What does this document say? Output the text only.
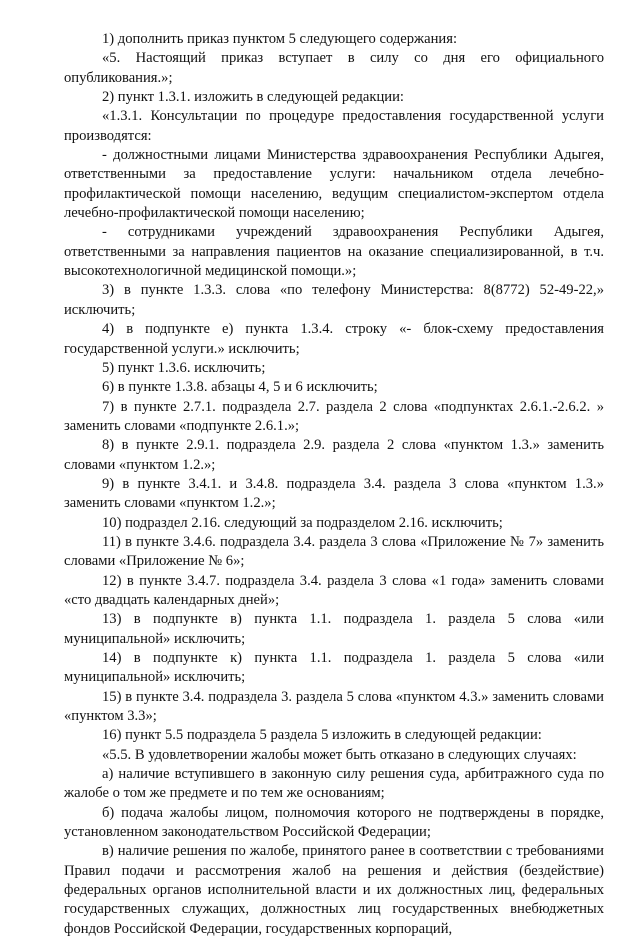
1) дополнить приказ пунктом 5 следующего содержания:

«5. Настоящий приказ вступает в силу со дня его официального опубликования.»;

2) пункт 1.3.1. изложить в следующей редакции:

«1.3.1. Консультации по процедуре предоставления государственной услуги производятся:

- должностными лицами Министерства здравоохранения Республики Адыгея, ответственными за предоставление услуги: начальником отдела лечебно-профилактической помощи населению, ведущим специалистом-экспертом отдела лечебно-профилактической помощи населению;

- сотрудниками учреждений здравоохранения Республики Адыгея, ответственными за направления пациентов на оказание специализированной, в т.ч. высокотехнологичной медицинской помощи.»;

3) в пункте 1.3.3. слова «по телефону Министерства: 8(8772) 52-49-22,» исключить;

4) в подпункте е) пункта 1.3.4. строку «- блок-схему предоставления государственной услуги.» исключить;

5) пункт 1.3.6. исключить;

6) в пункте 1.3.8. абзацы 4, 5 и 6 исключить;

7) в пункте 2.7.1. подраздела 2.7. раздела 2 слова «подпунктах 2.6.1.-2.6.2. » заменить словами «подпункте 2.6.1.»;

8) в пункте 2.9.1. подраздела 2.9. раздела 2 слова «пунктом 1.3.» заменить словами «пунктом 1.2.»;

9) в пункте 3.4.1. и 3.4.8. подраздела 3.4. раздела 3 слова «пунктом 1.3.» заменить словами «пунктом 1.2.»;

10) подраздел 2.16. следующий за подразделом 2.16. исключить;

11) в пункте 3.4.6. подраздела 3.4. раздела 3 слова «Приложение № 7» заменить словами «Приложение № 6»;

12) в пункте 3.4.7. подраздела 3.4. раздела 3 слова «1 года» заменить словами «сто двадцать календарных дней»;

13) в подпункте в) пункта 1.1. подраздела 1. раздела 5 слова «или муниципальной» исключить;

14) в подпункте к) пункта 1.1. подраздела 1. раздела 5 слова «или муниципальной» исключить;

15) в пункте 3.4. подраздела 3. раздела 5 слова «пунктом 4.3.» заменить словами «пунктом 3.3»;

16) пункт 5.5 подраздела 5 раздела 5 изложить в следующей редакции:

«5.5. В удовлетворении жалобы может быть отказано в следующих случаях:

а) наличие вступившего в законную силу решения суда, арбитражного суда по жалобе о том же предмете и по тем же основаниям;

б) подача жалобы лицом, полномочия которого не подтверждены в порядке, установленном законодательством Российской Федерации;

в) наличие решения по жалобе, принятого ранее в соответствии с требованиями Правил подачи и рассмотрения жалоб на решения и действия (бездействие) федеральных органов исполнительной власти и их должностных лиц, федеральных государственных служащих, должностных лиц государственных внебюджетных фондов Российской Федерации, государственных корпораций,
